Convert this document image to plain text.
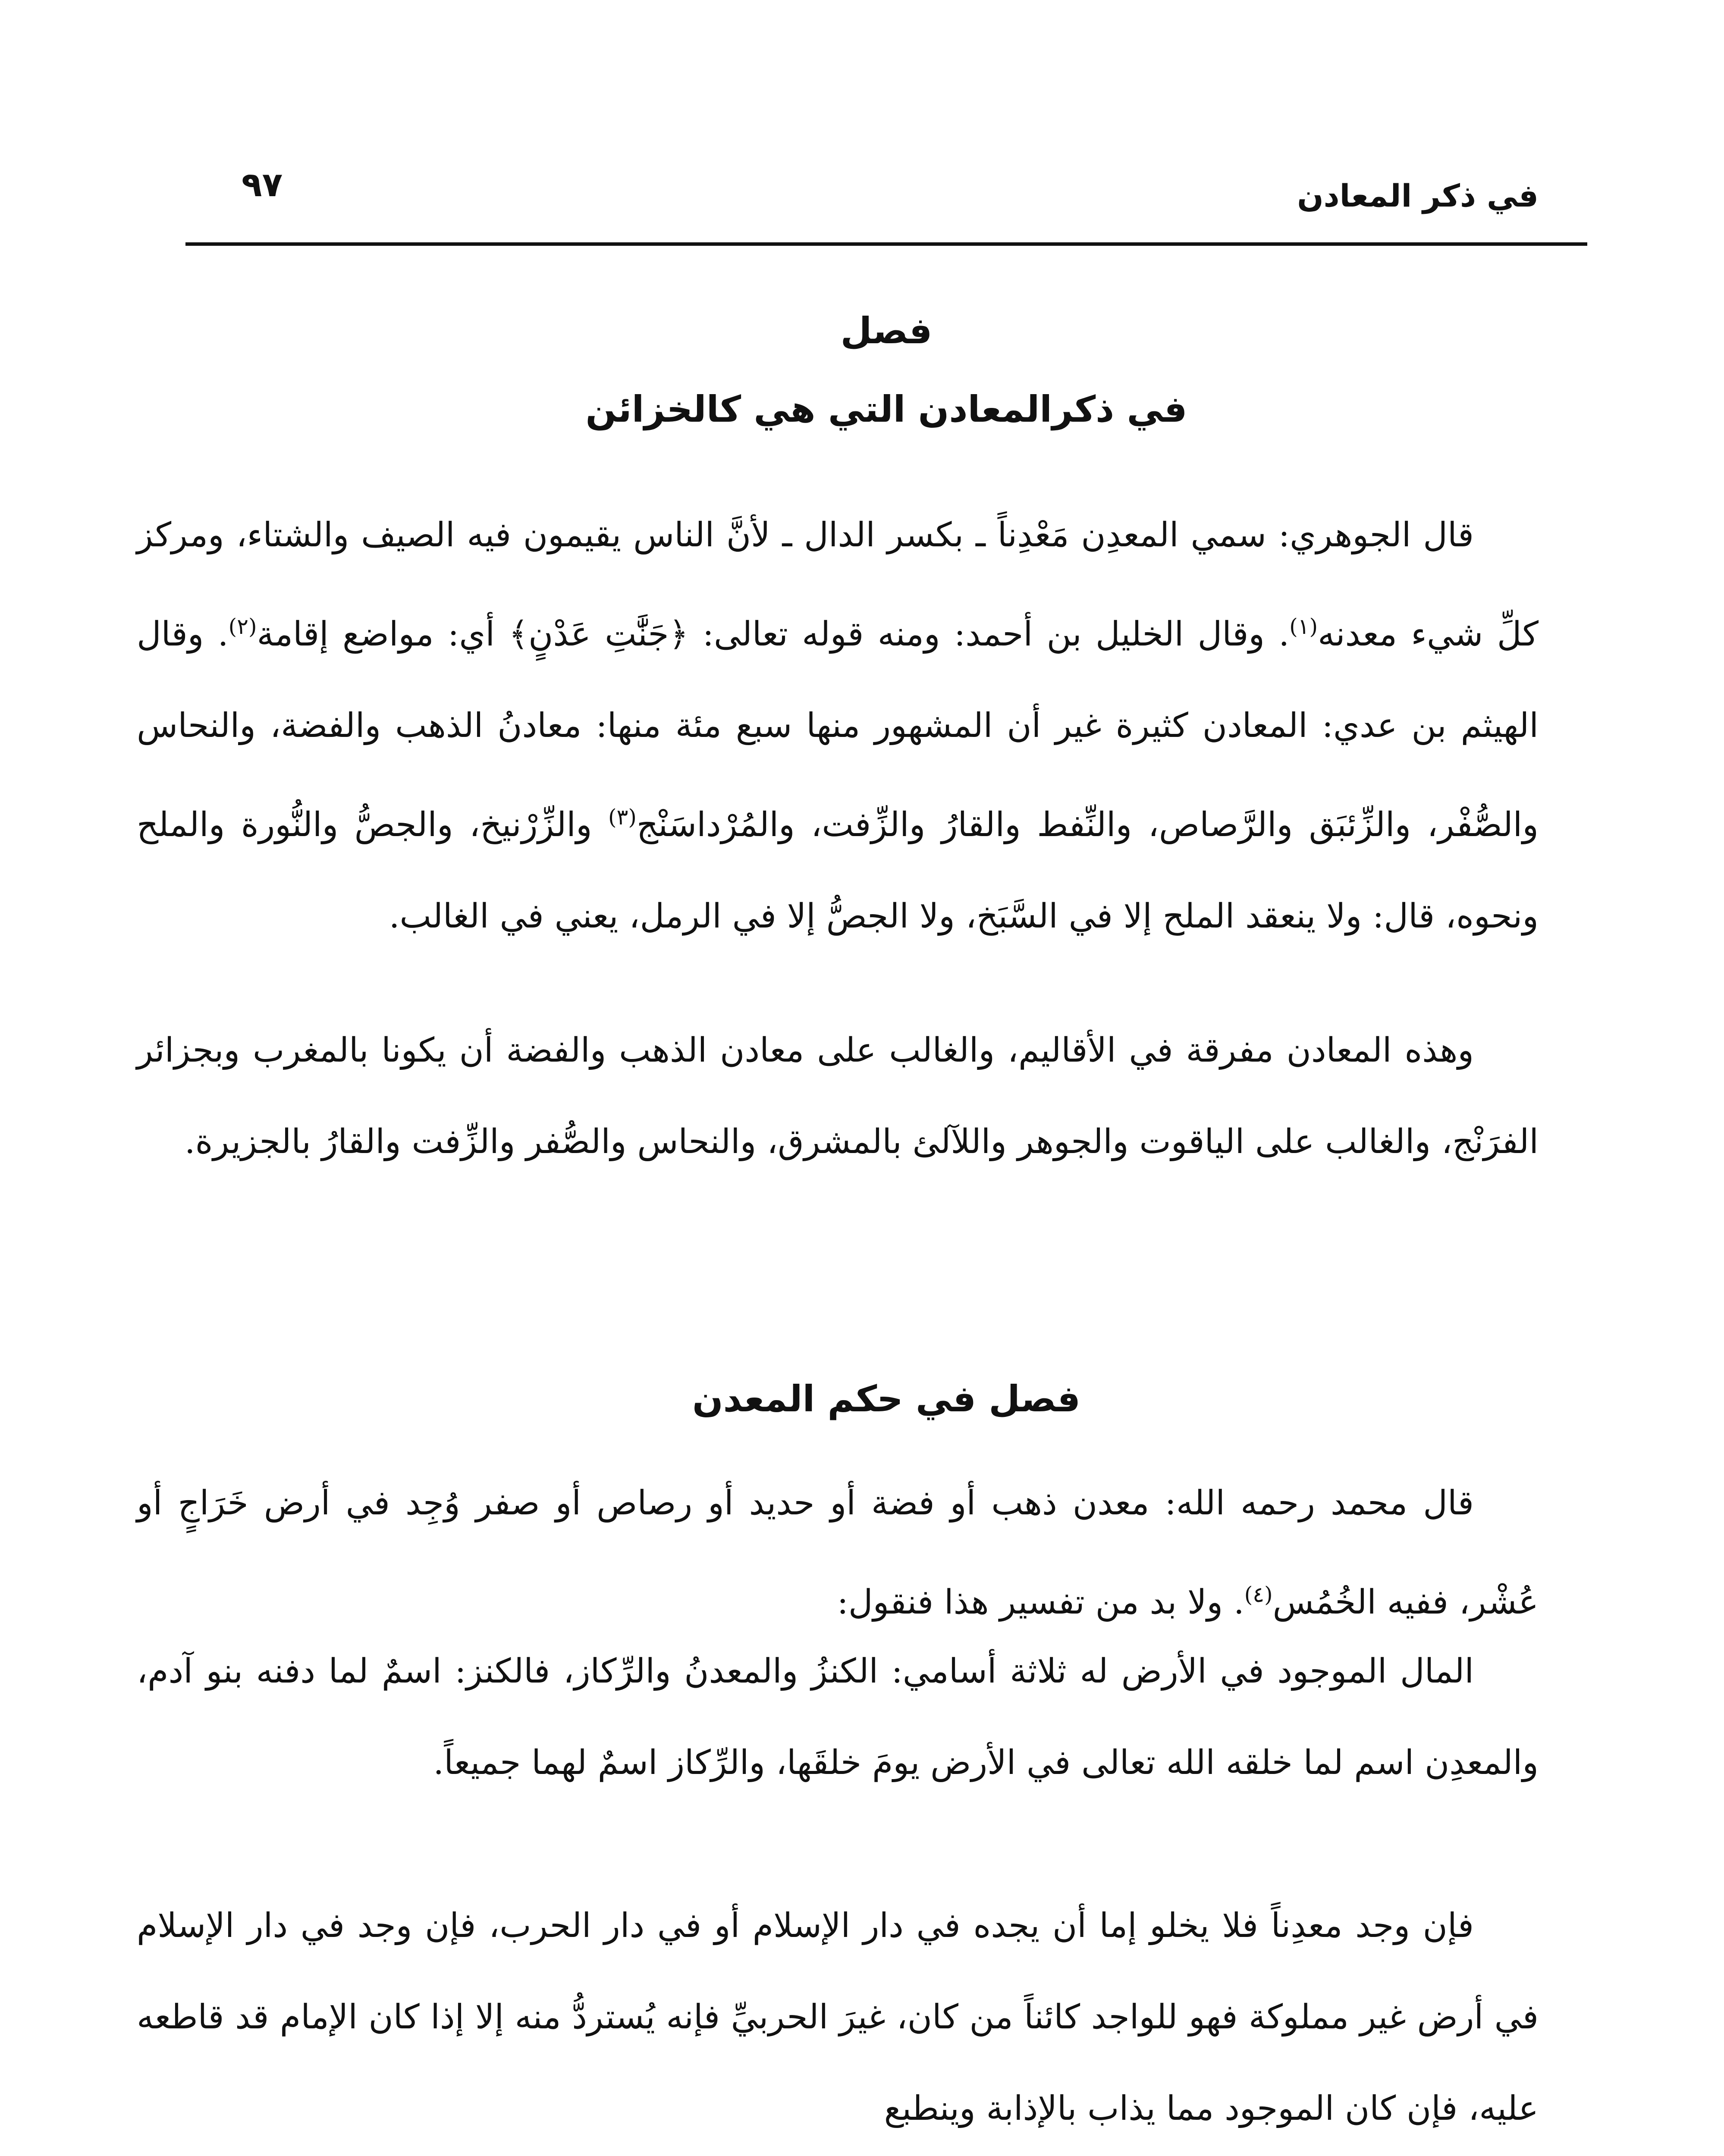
في ذكر المعادن
٩٧
فصل
في ذكرالمعادن التي هي كالخزائن

قال الجوهري: سمي المعدِن مَعْدِناً ـ بكسر الدال ـ لأنَّ الناس يقيمون فيه الصيف والشتاء، ومركز كلِّ شيء معدنه$^{(١)}$. وقال الخليل بن أحمد: ومنه قوله تعالى: ﴿جَنَّٰتِ عَدْنٍ﴾ أي: مواضع إقامة$^{(٢)}$. وقال الهيثم بن عدي: المعادن كثيرة غير أن المشهور منها سبع مئة منها: معادنُ الذهب والفضة، والنحاس والصُّفْر، والزِّئبَق والرَّصاص، والنِّفط والقارُ والزِّفت، والمُرْداسَنْج$^{(٣)}$ والزِّرْنيخ، والجصُّ والنُّورة والملح ونحوه، قال: ولا ينعقد الملح إلا في السَّبَخ، ولا الجصُّ إلا في الرمل، يعني في الغالب.

وهذه المعادن مفرقة في الأقاليم، والغالب على معادن الذهب والفضة أن يكونا بالمغرب وبجزائر الفرَنْج، والغالب على الياقوت والجوهر واللآلئ بالمشرق، والنحاس والصُّفر والزِّفت والقارُ بالجزيرة.

فصل في حكم المعدن

قال محمد رحمه الله: معدن ذهب أو فضة أو حديد أو رصاص أو صفر وُجِد في أرض خَرَاجٍ أو عُشْر، ففيه الخُمُس$^{(٤)}$. ولا بد من تفسير هذا فنقول:

المال الموجود في الأرض له ثلاثة أسامي: الكنزُ والمعدنُ والرِّكاز، فالكنز: اسمٌ لما دفنه بنو آدم، والمعدِن اسم لما خلقه الله تعالى في الأرض يومَ خلقَها، والرِّكاز اسمٌ لهما جميعاً.

فإن وجد معدِناً فلا يخلو إما أن يجده في دار الإسلام أو في دار الحرب، فإن وجد في دار الإسلام في أرض غير مملوكة فهو للواجد كائناً من كان، غيرَ الحربيِّ فإنه يُستردُّ منه إلا إذا كان الإمام قد قاطعه عليه، فإن كان الموجود مما يذاب بالإذابة وينطبع
